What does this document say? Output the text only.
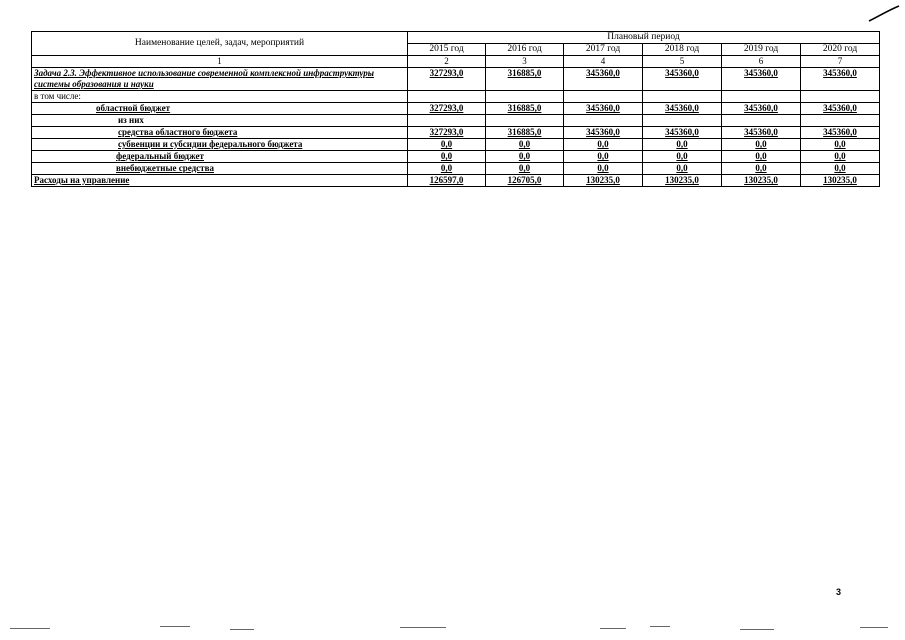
Наименование целей, задач, мероприятий	Плановый период					
	2015 год	2016 год	2017 год	2018 год	2019 год	2020 год
1	2	3	4	5	6	7
Задача 2.3. Эффективное использование современной комплексной инфраструктуры системы образования и науки	327293,0	316885,0	345360,0	345360,0	345360,0	345360,0
в том числе:						
областной бюджет	327293,0	316885,0	345360,0	345360,0	345360,0	345360,0
из них						
средства областного бюджета	327293,0	316885,0	345360,0	345360,0	345360,0	345360,0
субвенции и субсидии федерального бюджета	0,0	0,0	0,0	0,0	0,0	0,0
федеральный бюджет	0,0	0,0	0,0	0,0	0,0	0,0
внебюджетные средства	0,0	0,0	0,0	0,0	0,0	0,0
Расходы на управление	126597,0	126705,0	130235,0	130235,0	130235,0	130235,0
3
